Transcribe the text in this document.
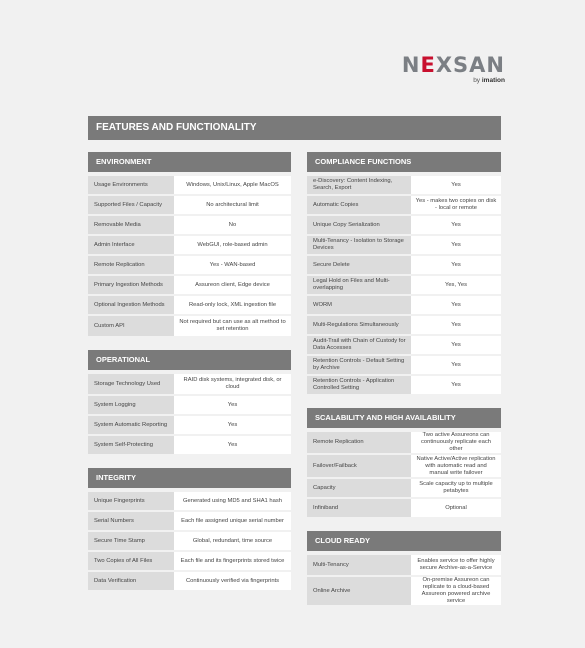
NEXSAN
by imation
FEATURES AND FUNCTIONALITY
ENVIRONMENT
Usage Environments	Windows, Unix/Linux, Apple MacOS
Supported Files / Capacity	No architectural limit
Removable Media	No
Admin Interface	WebGUI, role-based admin
Remote Replication	Yes - WAN-based
Primary Ingestion Methods	Assureon client, Edge device
Optional Ingestion Methods	Read-only lock, XML ingestion file
Custom API	Not required but can use as alt method to set retention
OPERATIONAL
Storage Technology Used	RAID disk systems, integrated disk, or cloud
System Logging	Yes
System Automatic Reporting	Yes
System Self-Protecting	Yes
INTEGRITY
Unique Fingerprints	Generated using MD5 and SHA1 hash
Serial Numbers	Each file assigned unique serial number
Secure Time Stamp	Global, redundant, time source
Two Copies of All Files	Each file and its fingerprints stored twice
Data Verification	Continuously verified via fingerprints
COMPLIANCE FUNCTIONS
e-Discovery: Content Indexing, Search, Export	Yes
Automatic Copies	Yes - makes two copies on disk - local or remote
Unique Copy Serialization	Yes
Multi-Tenancy - Isolation to Storage Devices	Yes
Secure Delete	Yes
Legal Hold on Files and Multi-overlapping	Yes, Yes
WORM	Yes
Multi-Regulations Simultaneously	Yes
Audit-Trail with Chain of Custody for Data Accesses	Yes
Retention Controls - Default Setting by Archive	Yes
Retention Controls - Application Controlled Setting	Yes
SCALABILITY AND HIGH AVAILABILITY
Remote Replication	Two active Assureons can continuously replicate each other
Failover/Failback	Native Active/Active replication with automatic read and manual write failover
Capacity	Scale capacity up to multiple petabytes
Infiniband	Optional
CLOUD READY
Multi-Tenancy	Enables service to offer highly secure Archive-as-a-Service
Online Archive	On-premise Assureon can replicate to a cloud-based Assureon powered archive service
